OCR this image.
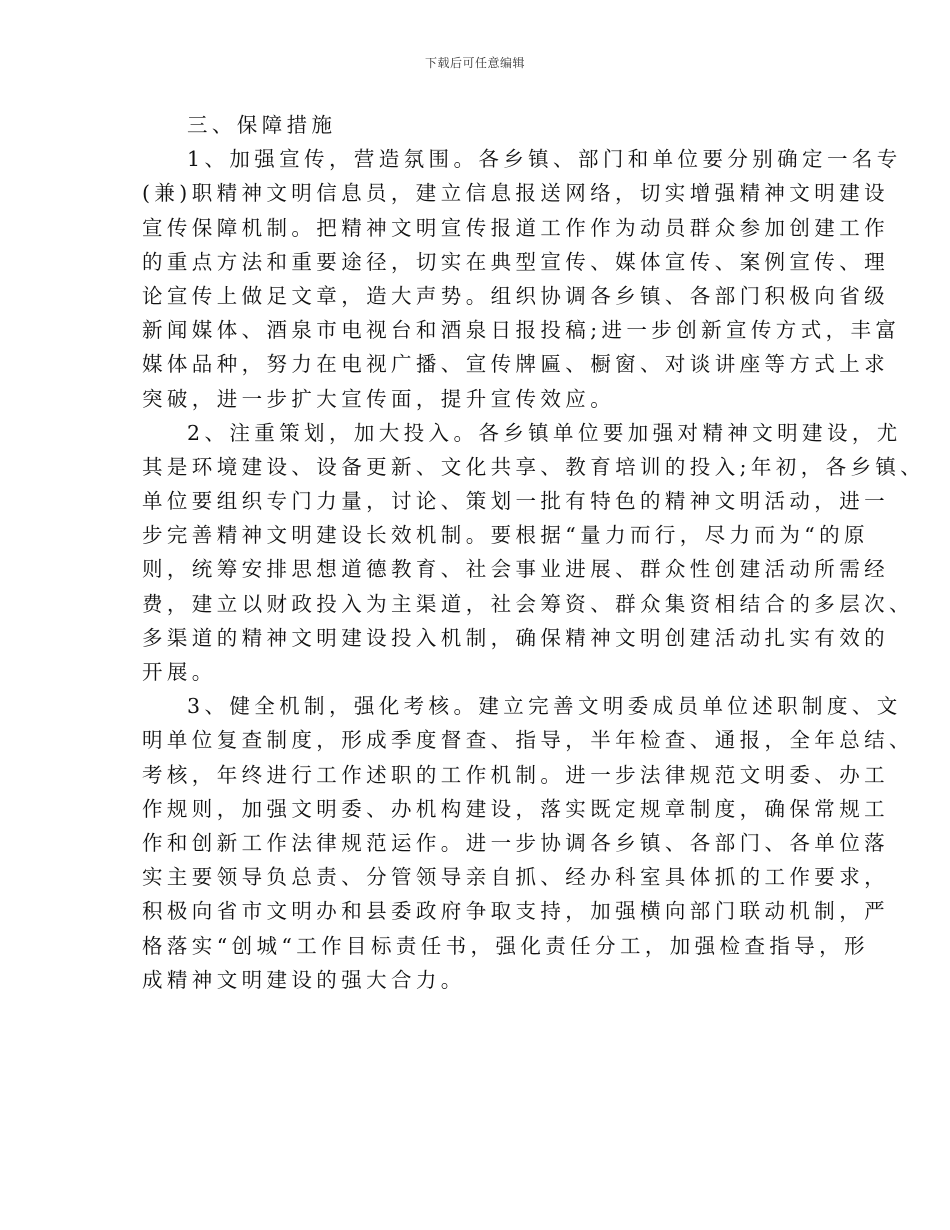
下载后可任意编辑
三、保障措施
1、加强宣传，营造氛围。各乡镇、部门和单位要分别确定一名专
(兼)职精神文明信息员，建立信息报送网络，切实增强精神文明建设
宣传保障机制。把精神文明宣传报道工作作为动员群众参加创建工作
的重点方法和重要途径，切实在典型宣传、媒体宣传、案例宣传、理
论宣传上做足文章，造大声势。组织协调各乡镇、各部门积极向省级
新闻媒体、酒泉市电视台和酒泉日报投稿;进一步创新宣传方式，丰富
媒体品种，努力在电视广播、宣传牌匾、橱窗、对谈讲座等方式上求
突破，进一步扩大宣传面，提升宣传效应。
2、注重策划，加大投入。各乡镇单位要加强对精神文明建设，尤
其是环境建设、设备更新、文化共享、教育培训的投入;年初，各乡镇、
单位要组织专门力量，讨论、策划一批有特色的精神文明活动，进一
步完善精神文明建设长效机制。要根据“量力而行，尽力而为“的原
则，统筹安排思想道德教育、社会事业进展、群众性创建活动所需经
费，建立以财政投入为主渠道，社会筹资、群众集资相结合的多层次、
多渠道的精神文明建设投入机制，确保精神文明创建活动扎实有效的
开展。
3、健全机制，强化考核。建立完善文明委成员单位述职制度、文
明单位复查制度，形成季度督查、指导，半年检查、通报，全年总结、
考核，年终进行工作述职的工作机制。进一步法律规范文明委、办工
作规则，加强文明委、办机构建设，落实既定规章制度，确保常规工
作和创新工作法律规范运作。进一步协调各乡镇、各部门、各单位落
实主要领导负总责、分管领导亲自抓、经办科室具体抓的工作要求，
积极向省市文明办和县委政府争取支持，加强横向部门联动机制，严
格落实“创城“工作目标责任书，强化责任分工，加强检查指导，形
成精神文明建设的强大合力。
